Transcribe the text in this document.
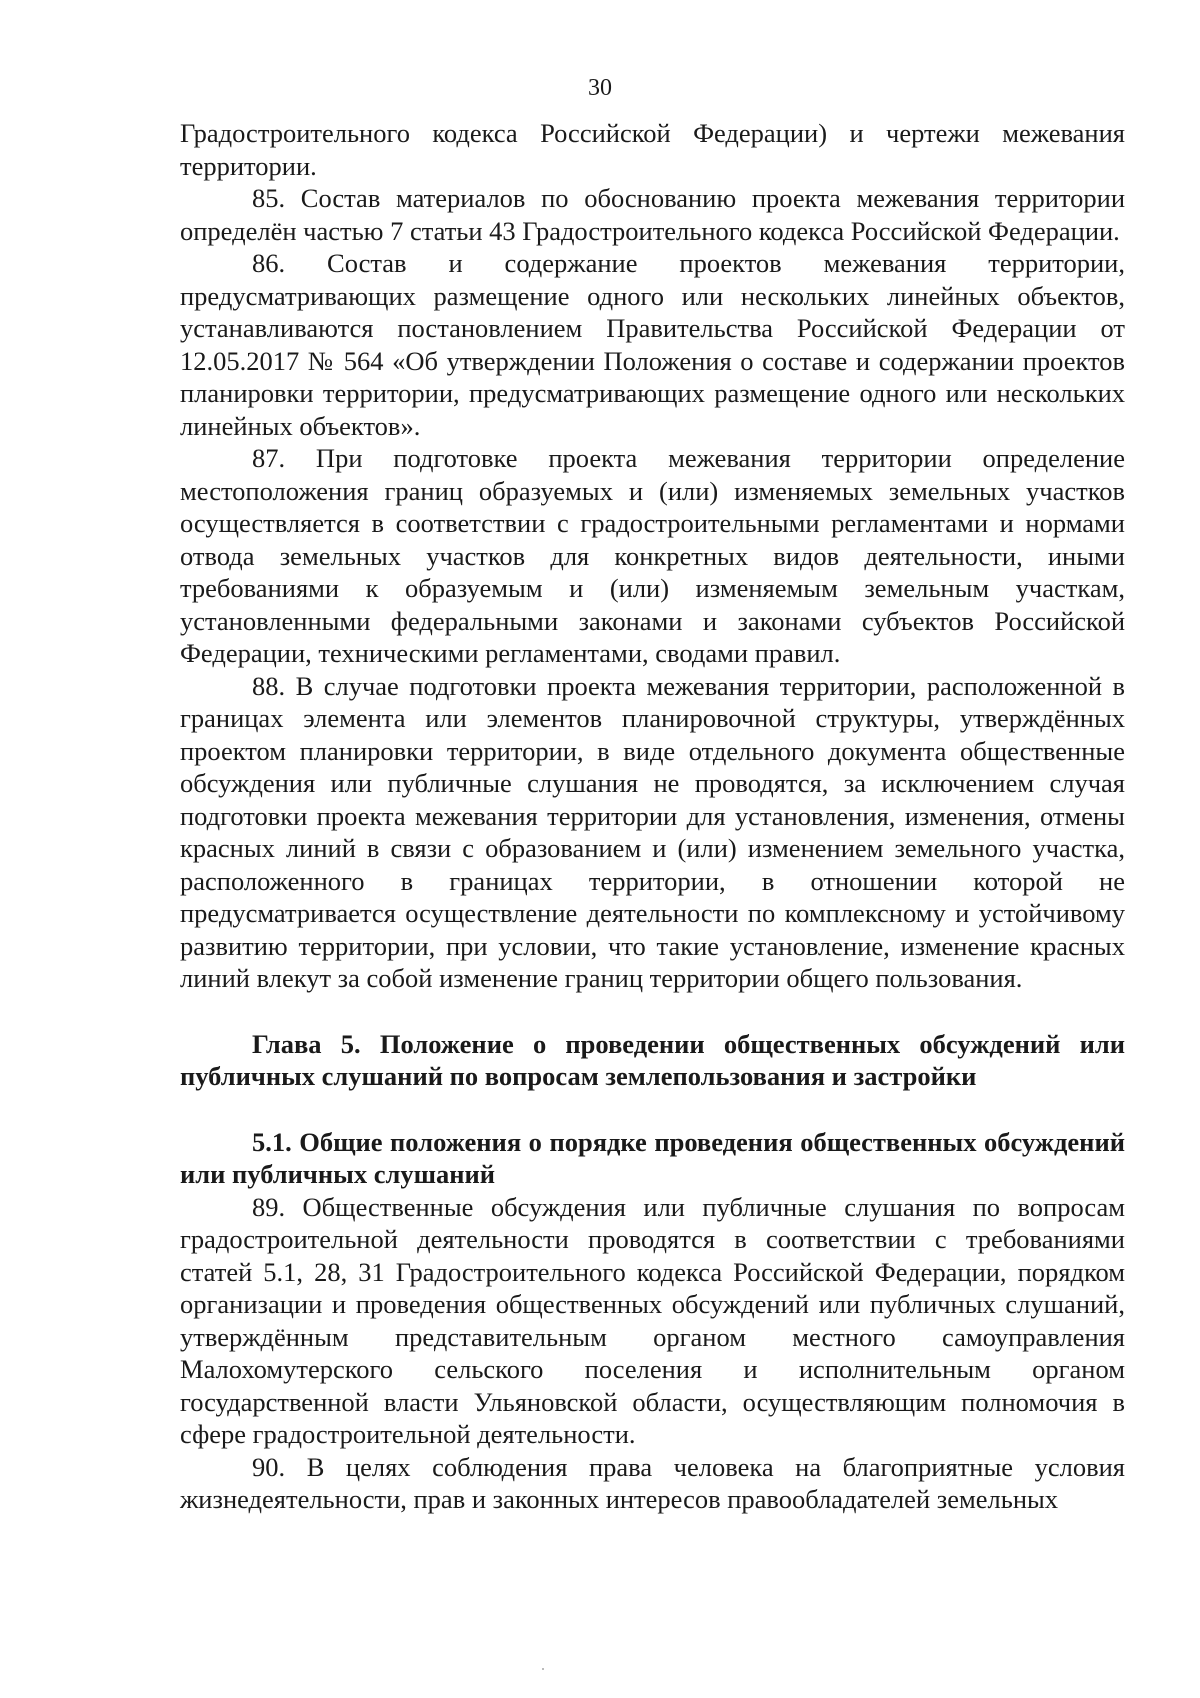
30

Градостроительного кодекса Российской Федерации) и чертежи межевания территории.

85. Состав материалов по обоснованию проекта межевания территории определён частью 7 статьи 43 Градостроительного кодекса Российской Федерации.

86. Состав и содержание проектов межевания территории, предусматривающих размещение одного или нескольких линейных объектов, устанавливаются постановлением Правительства Российской Федерации от 12.05.2017 № 564 «Об утверждении Положения о составе и содержании проектов планировки территории, предусматривающих размещение одного или нескольких линейных объектов».

87. При подготовке проекта межевания территории определение местоположения границ образуемых и (или) изменяемых земельных участков осуществляется в соответствии с градостроительными регламентами и нормами отвода земельных участков для конкретных видов деятельности, иными требованиями к образуемым и (или) изменяемым земельным участкам, установленными федеральными законами и законами субъектов Российской Федерации, техническими регламентами, сводами правил.

88. В случае подготовки проекта межевания территории, расположенной в границах элемента или элементов планировочной структуры, утверждённых проектом планировки территории, в виде отдельного документа общественные обсуждения или публичные слушания не проводятся, за исключением случая подготовки проекта межевания территории для установления, изменения, отмены красных линий в связи с образованием и (или) изменением земельного участка, расположенного в границах территории, в отношении которой не предусматривается осуществление деятельности по комплексному и устойчивому развитию территории, при условии, что такие установление, изменение красных линий влекут за собой изменение границ территории общего пользования.

Глава 5. Положение о проведении общественных обсуждений или публичных слушаний по вопросам землепользования и застройки

5.1. Общие положения о порядке проведения общественных обсуждений или публичных слушаний

89. Общественные обсуждения или публичные слушания по вопросам градостроительной деятельности проводятся в соответствии с требованиями статей 5.1, 28, 31 Градостроительного кодекса Российской Федерации, порядком организации и проведения общественных обсуждений или публичных слушаний, утверждённым представительным органом местного самоуправления Малохомутерского сельского поселения и исполнительным органом государственной власти Ульяновской области, осуществляющим полномочия в сфере градостроительной деятельности.

90. В целях соблюдения права человека на благоприятные условия жизнедеятельности, прав и законных интересов правообладателей земельных
